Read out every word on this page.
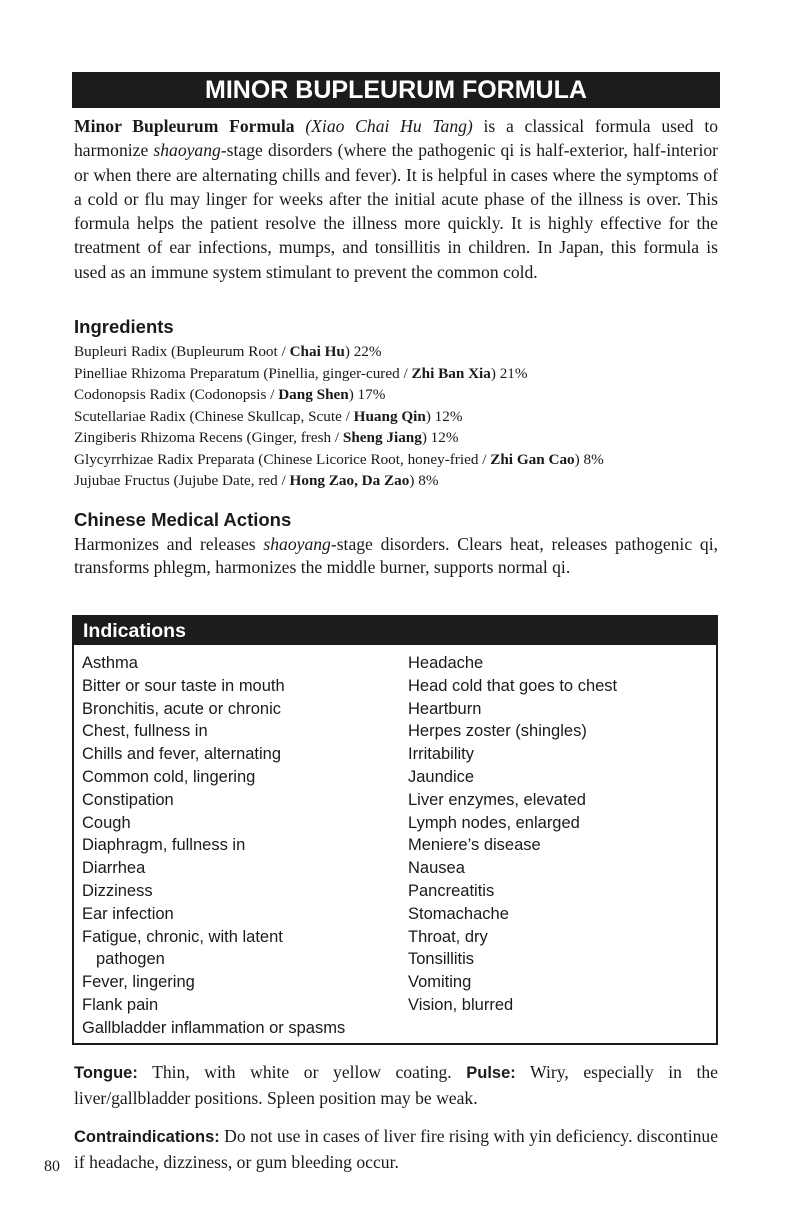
MINOR BUPLEURUM FORMULA

Minor Bupleurum Formula (Xiao Chai Hu Tang) is a classical formula used to harmonize shaoyang-stage disorders (where the pathogenic qi is half-exterior, half-interior or when there are alternating chills and fever). It is helpful in cases where the symptoms of a cold or flu may linger for weeks after the initial acute phase of the illness is over. This formula helps the patient resolve the illness more quickly. It is highly effective for the treatment of ear infections, mumps, and tonsillitis in children. In Japan, this formula is used as an immune system stimulant to prevent the common cold.

Ingredients
Bupleuri Radix (Bupleurum Root / Chai Hu) 22%
Pinelliae Rhizoma Preparatum (Pinellia, ginger-cured / Zhi Ban Xia) 21%
Codonopsis Radix (Codonopsis / Dang Shen) 17%
Scutellariae Radix (Chinese Skullcap, Scute / Huang Qin) 12%
Zingiberis Rhizoma Recens (Ginger, fresh / Sheng Jiang) 12%
Glycyrrhizae Radix Preparata (Chinese Licorice Root, honey-fried / Zhi Gan Cao) 8%
Jujubae Fructus (Jujube Date, red / Hong Zao, Da Zao) 8%
Chinese Medical Actions

Harmonizes and releases shaoyang-stage disorders. Clears heat, releases pathogenic qi, transforms phlegm, harmonizes the middle burner, supports normal qi.

Indications
Asthma
Bitter or sour taste in mouth
Bronchitis, acute or chronic
Chest, fullness in
Chills and fever, alternating
Common cold, lingering
Constipation
Cough
Diaphragm, fullness in
Diarrhea
Dizziness
Ear infection
Fatigue, chronic, with latent
pathogen
Fever, lingering
Flank pain
Gallbladder inflammation or spasms
Headache
Head cold that goes to chest
Heartburn
Herpes zoster (shingles)
Irritability
Jaundice
Liver enzymes, elevated
Lymph nodes, enlarged
Meniere’s disease
Nausea
Pancreatitis
Stomachache
Throat, dry
Tonsillitis
Vomiting
Vision, blurred

Tongue: Thin, with white or yellow coating. Pulse: Wiry, especially in the liver/gallbladder positions. Spleen position may be weak.

Contraindications: Do not use in cases of liver fire rising with yin deficiency. discontinue if headache, dizziness, or gum bleeding occur.

80
